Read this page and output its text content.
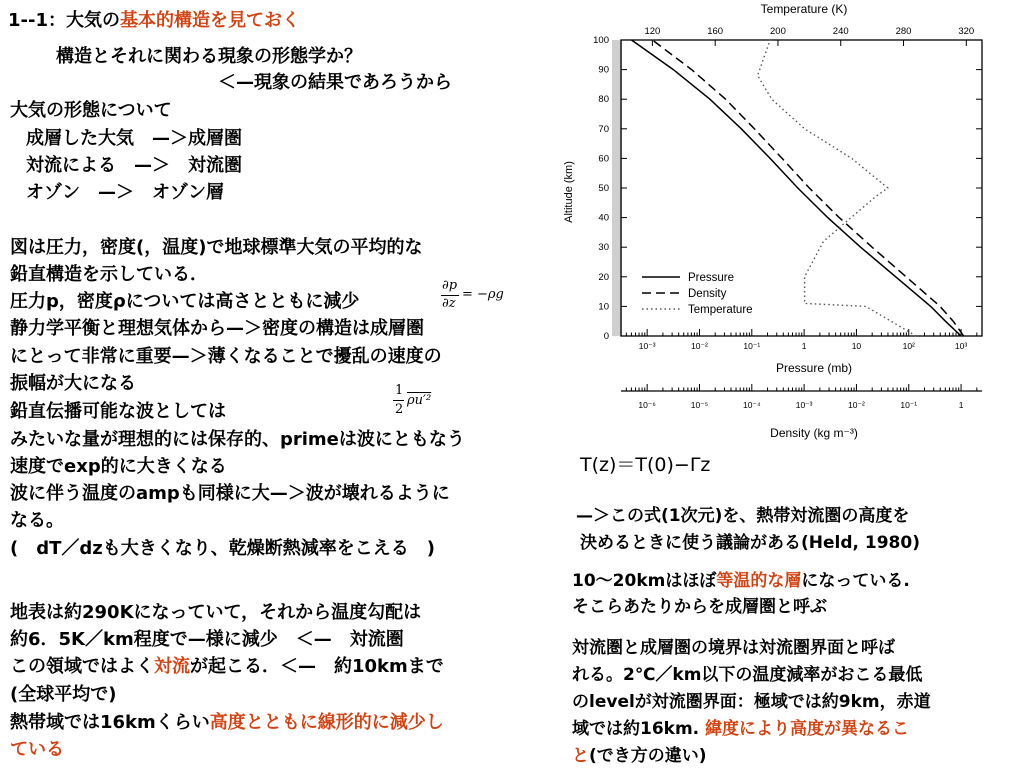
1--1：大気の基本的構造を見ておく
構造とそれに関わる現象の形態学か？
＜—現象の結果であろうから
大気の形態について
成層した大気　—＞成層圏
対流による　—＞　対流圏
オゾン　—＞　オゾン層
図は圧力，密度(，温度)で地球標準大気の平均的な
鉛直構造を示している．
圧力p，密度ρについては高さとともに減少
静力学平衡と理想気体から—＞密度の構造は成層圏
にとって非常に重要—＞薄くなることで擾乱の速度の
振幅が大になる
鉛直伝播可能な波としては
みたいな量が理想的には保存的、primeは波にともなう
速度でexp的に大きくなる
波に伴う温度のampも同様に大—＞波が壊れるように
なる。
(　dT／dzも大きくなり、乾燥断熱減率をこえる　)
地表は約290Kになっていて，それから温度勾配は
約6．5K／km程度で—様に減少　＜—　対流圏
この領域ではよく対流が起こる．＜—　約10kmまで
(全球平均で)
熱帯域では16kmくらい高度とともに線形的に減少し
ている
∂p
∂z
= −ρg
1
2
ρu′²
Temperature (K)
Altitude (km)
Pressure (mb)
Density (kg m⁻³)
0
10
20
30
40
50
60
70
80
90
100
120	160	200	240	280	320
10⁻³	10⁻²	10⁻¹	1	10	10²	10³
10⁻⁶	10⁻⁵	10⁻⁴	10⁻³	10⁻²	10⁻¹	1
Pressure
Density
Temperature
T(z)＝T(0)−Γz
—＞この式(1次元)を、熱帯対流圏の高度を
決めるときに使う議論がある(Held, 1980)
10～20kmはほぼ等温的な層になっている.
そこらあたりからを成層圏と呼ぶ
対流圏と成層圏の境界は対流圏界面と呼ば
れる。2℃／km以下の温度減率がおこる最低
のlevelが対流圏界面：極域では約9km，赤道
域では約16km. 緯度により高度が異なるこ
と(でき方の違い)
